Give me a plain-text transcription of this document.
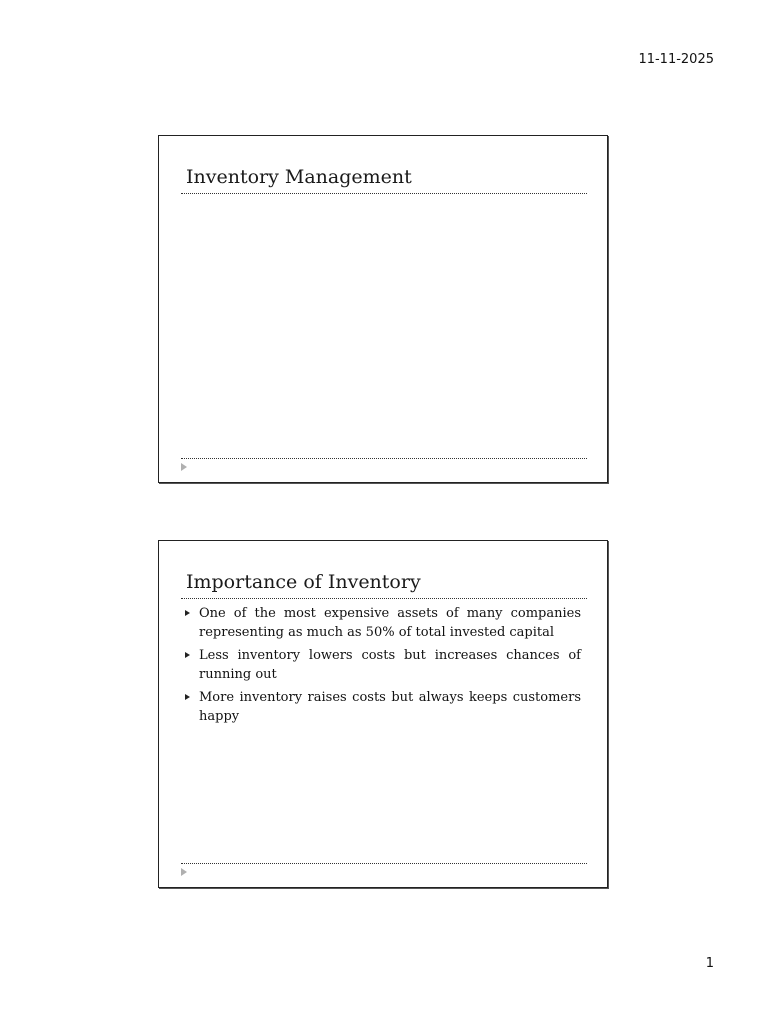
11-11-2025
Inventory Management
Importance of Inventory
One of the most expensive assets of many companies representing as much as 50% of total invested capital
Less inventory lowers costs but increases chances of running out
More inventory raises costs but always keeps customers happy
1
